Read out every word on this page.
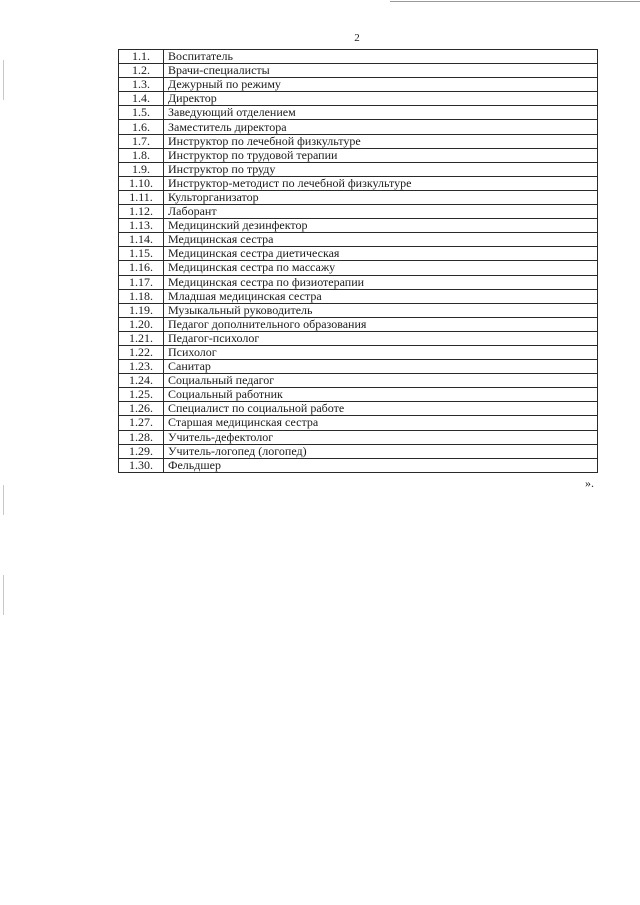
2
1.1.	Воспитатель
1.2.	Врачи-специалисты
1.3.	Дежурный по режиму
1.4.	Директор
1.5.	Заведующий отделением
1.6.	Заместитель директора
1.7.	Инструктор по лечебной физкультуре
1.8.	Инструктор по трудовой терапии
1.9.	Инструктор по труду
1.10.	Инструктор-методист по лечебной физкультуре
1.11.	Культорганизатор
1.12.	Лаборант
1.13.	Медицинский дезинфектор
1.14.	Медицинская сестра
1.15.	Медицинская сестра диетическая
1.16.	Медицинская сестра по массажу
1.17.	Медицинская сестра по физиотерапии
1.18.	Младшая медицинская сестра
1.19.	Музыкальный руководитель
1.20.	Педагог дополнительного образования
1.21.	Педагог-психолог
1.22.	Психолог
1.23.	Санитар
1.24.	Социальный педагог
1.25.	Социальный работник
1.26.	Специалист по социальной работе
1.27.	Старшая медицинская сестра
1.28.	Учитель-дефектолог
1.29.	Учитель-логопед (логопед)
1.30.	Фельдшер
».
